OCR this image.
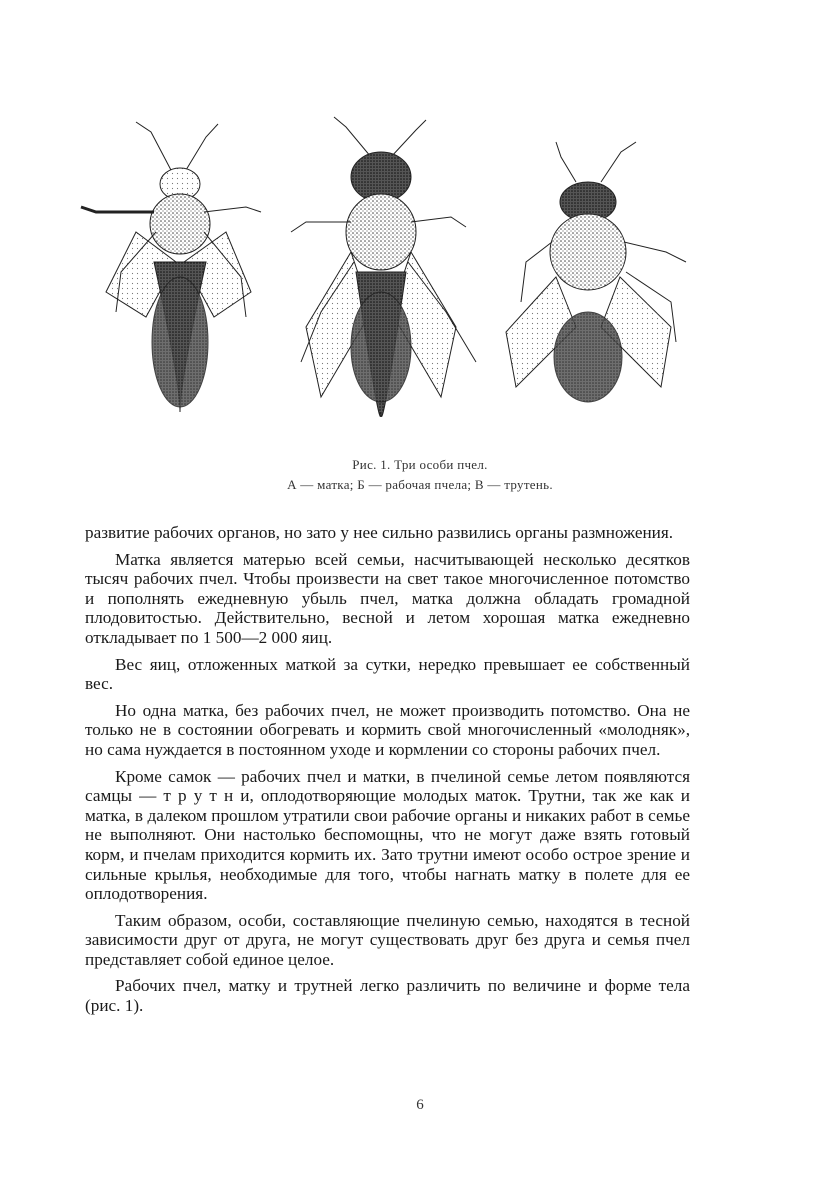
Рис. 1. Три особи пчел.
А — матка; Б — рабочая пчела; В — трутень.

развитие рабочих органов, но зато у нее сильно развились органы размножения.

Матка является матерью всей семьи, насчитывающей несколько десятков тысяч рабочих пчел. Чтобы произвести на свет такое многочисленное потомство и пополнять ежедневную убыль пчел, матка должна обладать громадной плодовитостью. Действительно, весной и летом хорошая матка ежедневно откладывает по 1 500—2 000 яиц.

Вес яиц, отложенных маткой за сутки, нередко превышает ее собственный вес.

Но одна матка, без рабочих пчел, не может производить потомство. Она не только не в состоянии обогревать и кормить свой многочисленный «молодняк», но сама нуждается в постоянном уходе и кормлении со стороны рабочих пчел.

Кроме самок — рабочих пчел и матки, в пчелиной семье летом появляются самцы — т р у т н и, оплодотворяющие молодых маток. Трутни, так же как и матка, в далеком прошлом утратили свои рабочие органы и никаких работ в семье не выполняют. Они настолько беспомощны, что не могут даже взять готовый корм, и пчелам приходится кормить их. Зато трутни имеют особо острое зрение и сильные крылья, необходимые для того, чтобы нагнать матку в полете для ее оплодотворения.

Таким образом, особи, составляющие пчелиную семью, находятся в тесной зависимости друг от друга, не могут существовать друг без друга и семья пчел представляет собой единое целое.

Рабочих пчел, матку и трутней легко различить по величине и форме тела (рис. 1).

6
